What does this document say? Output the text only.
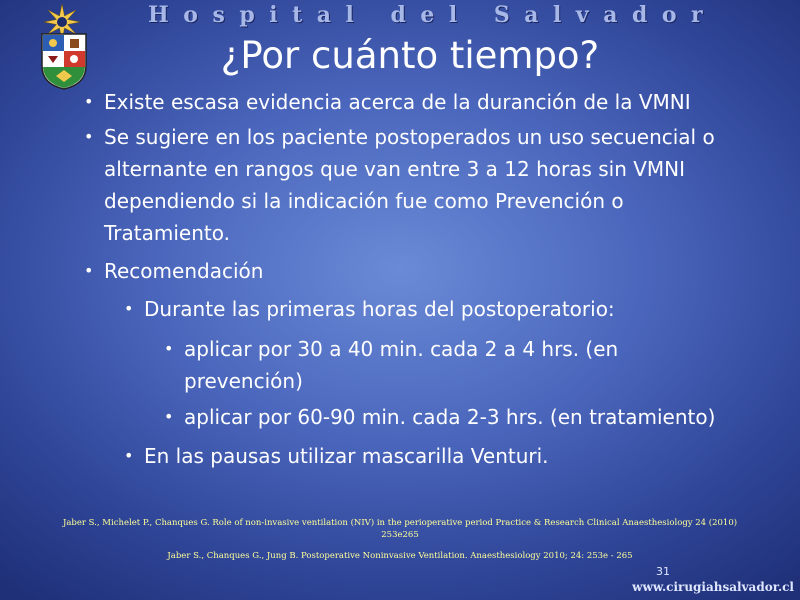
Hospital del Salvador
¿Por cuánto tiempo?
• Existe escasa evidencia acerca de la duranción de la VMNI
• Se sugiere en los paciente postoperados un uso secuencial o
alternante en rangos que van entre 3 a 12 horas sin VMNI
dependiendo si la indicación fue como Prevención o
Tratamiento.
• Recomendación
• Durante las primeras horas del postoperatorio:
• aplicar por 30 a 40 min. cada 2 a 4 hrs. (en
prevención)
• aplicar por 60-90 min. cada 2-3 hrs. (en tratamiento)
• En las pausas utilizar mascarilla Venturi.
Jaber S., Michelet P., Chanques G. Role of non-invasive ventilation (NIV) in the perioperative period Practice & Research Clinical Anaesthesiology 24 (2010)
253e265
Jaber S., Chanques G., Jung B. Postoperative Noninvasive Ventilation. Anaesthesiology 2010; 24: 253e - 265
31
www.cirugiahsalvador.cl
